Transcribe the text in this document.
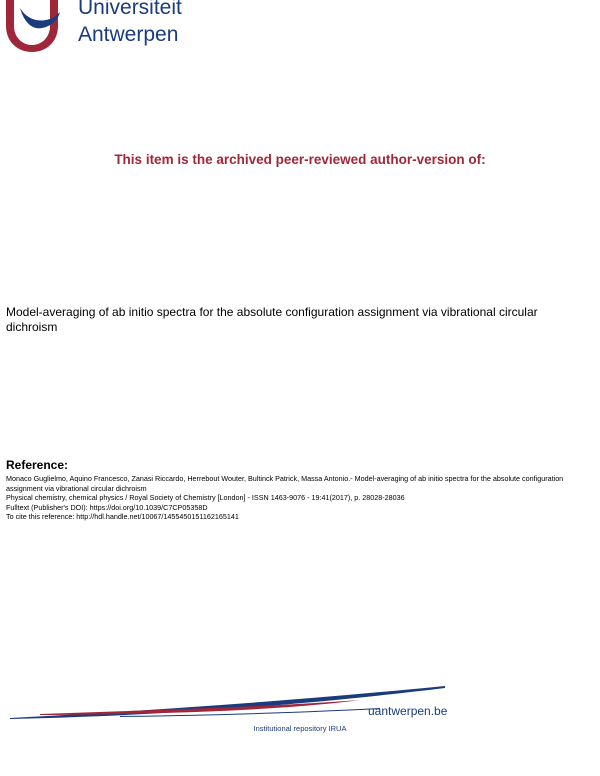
Universiteit
Antwerpen
This item is the archived peer-reviewed author-version of:
Model-averaging of ab initio spectra for the absolute configuration assignment via vibrational circular dichroism
Reference:
Monaco Guglielmo, Aquino Francesco, Zanasi Riccardo, Herrebout Wouter, Bultinck Patrick, Massa Antonio.- Model-averaging of ab initio spectra for the absolute configuration assignment via vibrational circular dichroism
Physical chemistry, chemical physics / Royal Society of Chemistry [London] - ISSN 1463-9076 - 19:41(2017), p. 28028-28036
Fulltext (Publisher's DOI): https://doi.org/10.1039/C7CP05358D
To cite this reference: http://hdl.handle.net/10067/1455450151162165141
uantwerpen.be
Institutional repository IRUA
